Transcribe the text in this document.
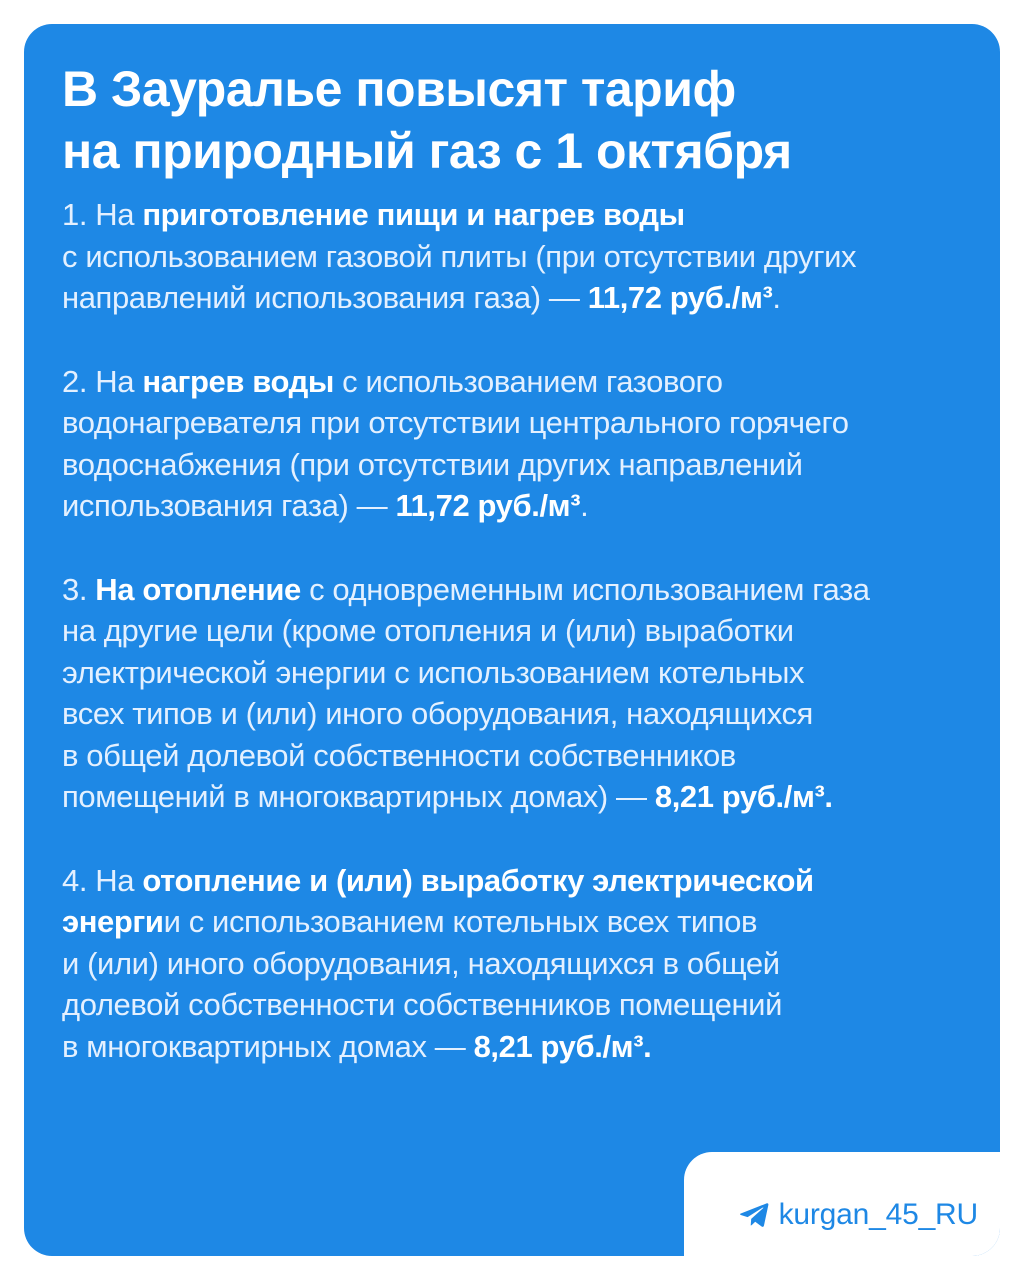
В Зауралье повысят тариф
на природный газ с 1 октября

1. На приготовление пищи и нагрев воды
с использованием газовой плиты (при отсутствии других
направлений использования газа) — 11,72 руб./м³.

2. На нагрев воды с использованием газового
водонагревателя при отсутствии центрального горячего
водоснабжения (при отсутствии других направлений
использования газа) — 11,72 руб./м³.

3. На отопление с одновременным использованием газа
на другие цели (кроме отопления и (или) выработки
электрической энергии с использованием котельных
всех типов и (или) иного оборудования, находящихся
в общей долевой собственности собственников
помещений в многоквартирных домах) — 8,21 руб./м³.

4. На отопление и (или) выработку электрической
энергии с использованием котельных всех типов
и (или) иного оборудования, находящихся в общей
долевой собственности собственников помещений
в многоквартирных домах — 8,21 руб./м³.

kurgan_45_RU
